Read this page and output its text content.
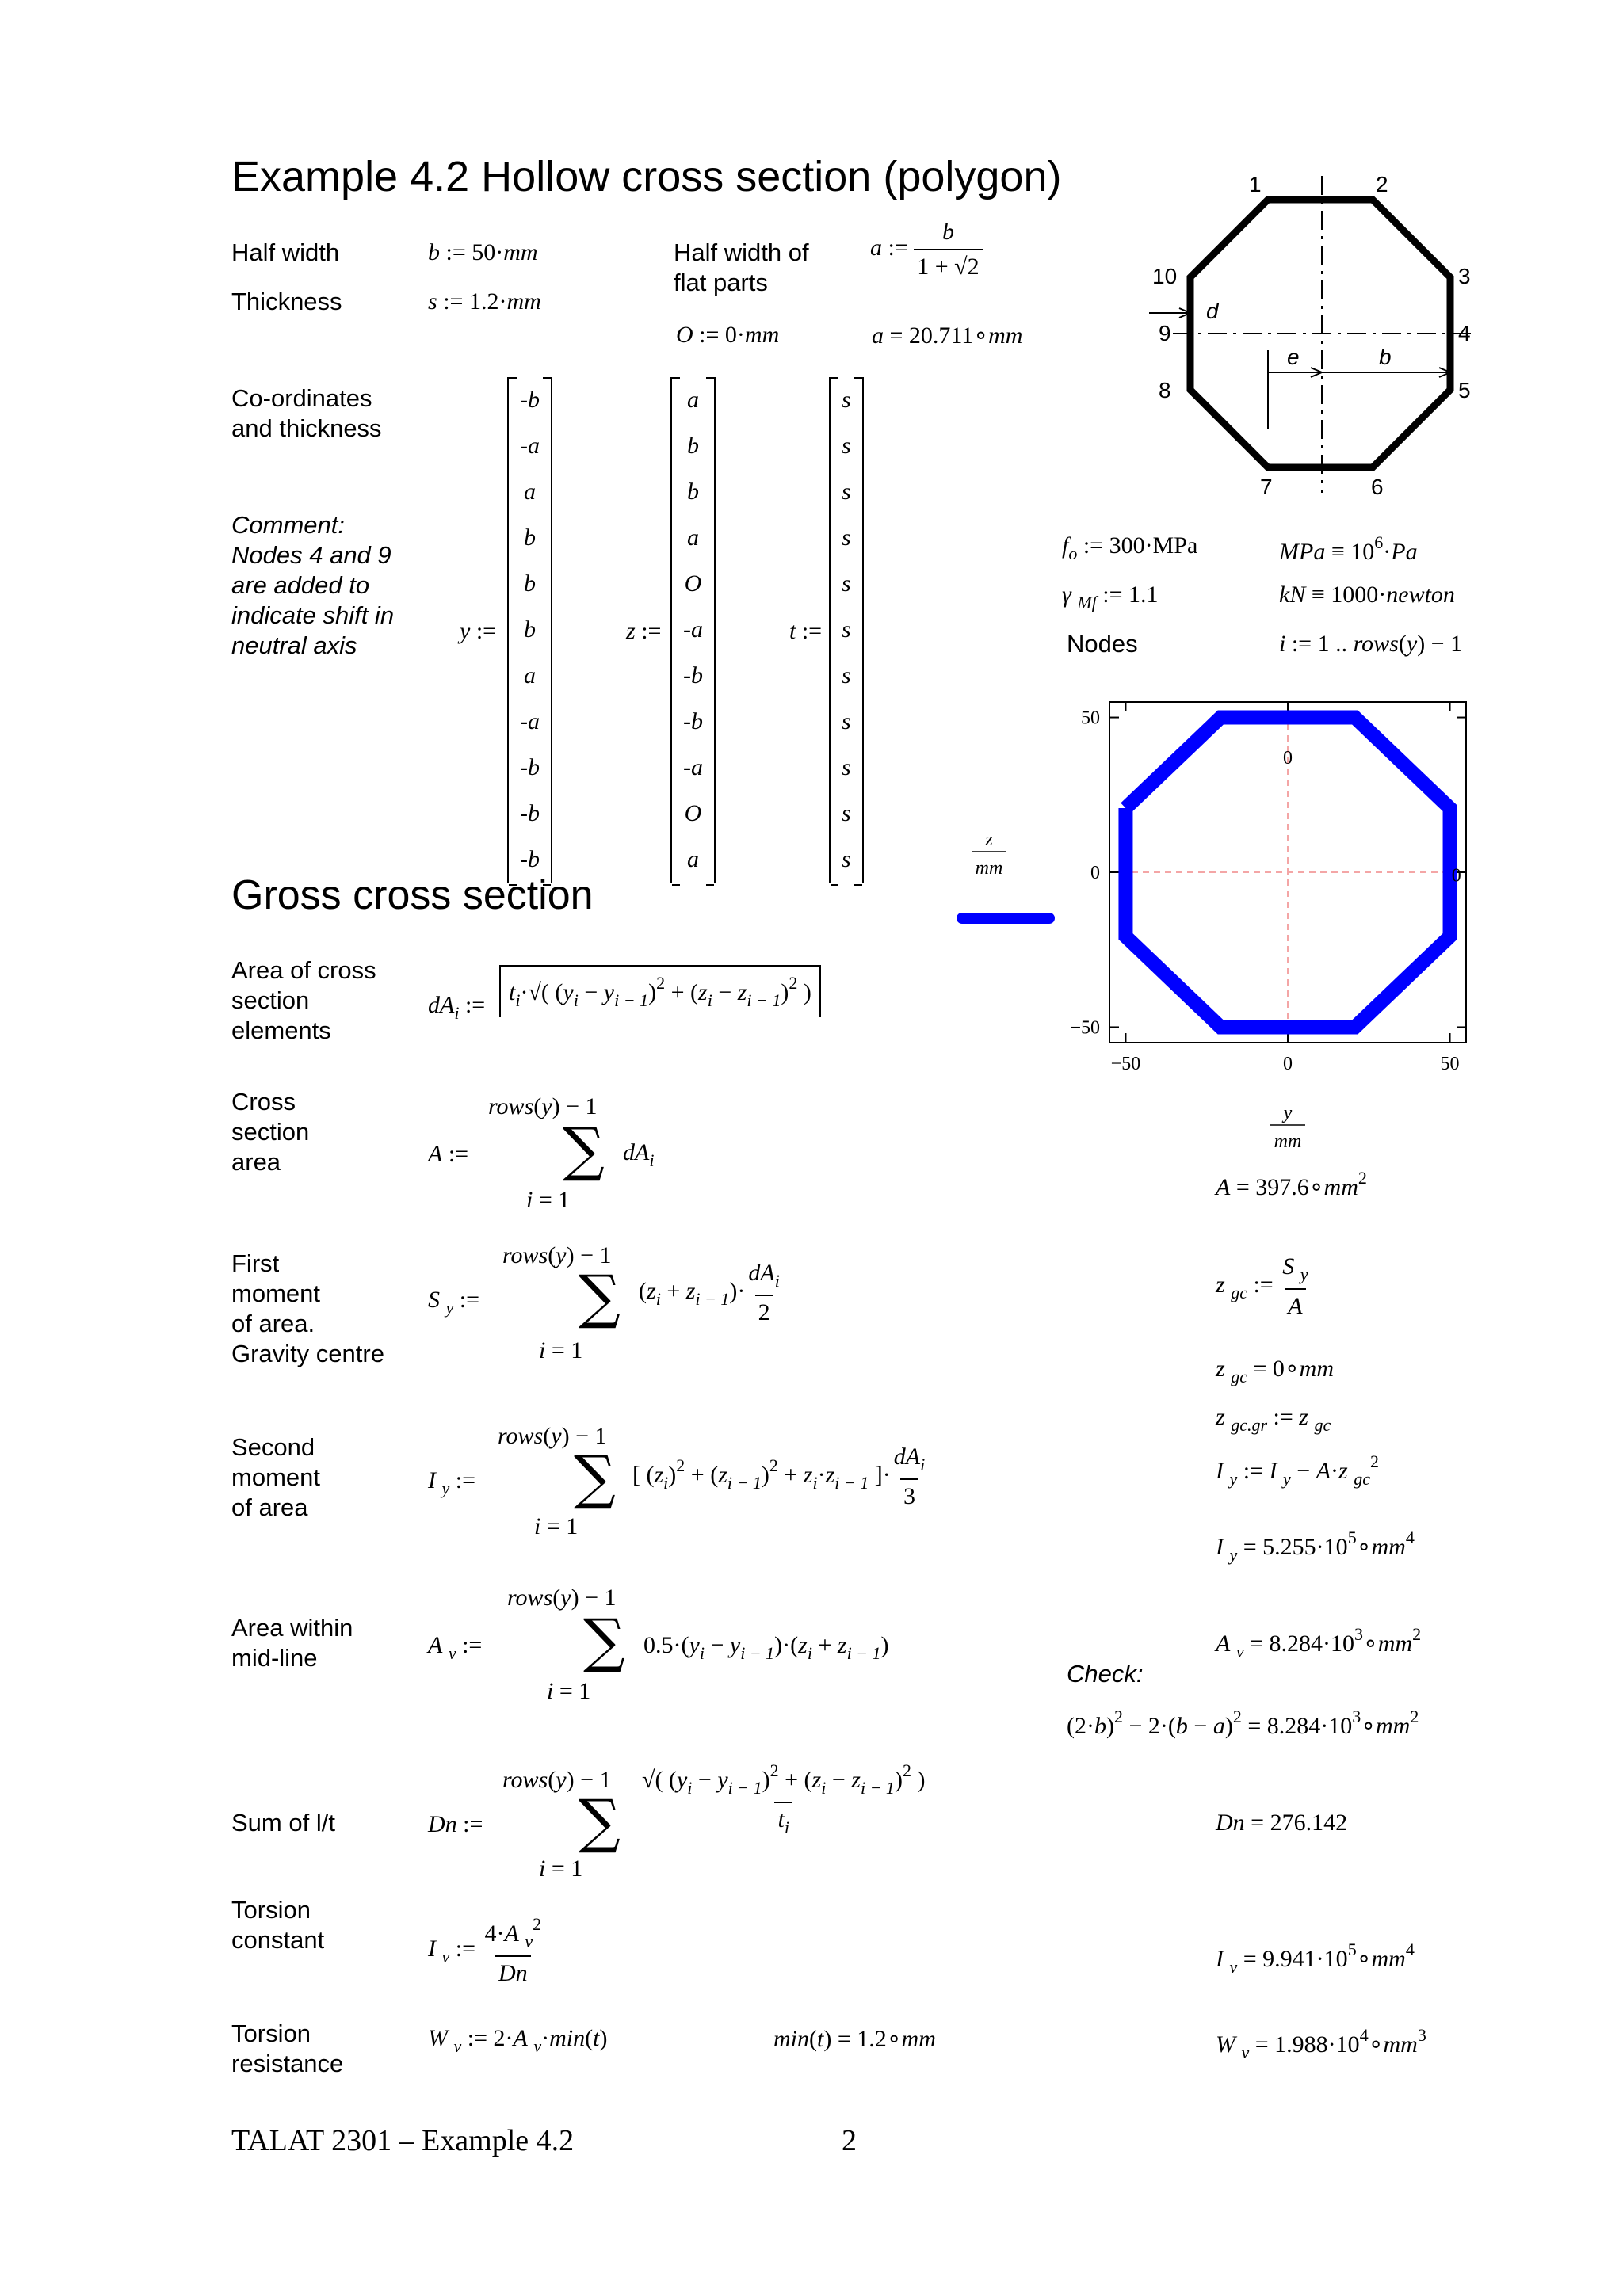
Example 4.2 Hollow cross section (polygon)
Half width	b := 50·mm
Thickness	s := 1.2·mm
Half width of
flat parts
a := $\frac{b}{1 + √2}$
O := 0·mm	a = 20.711∘mm
1	2
3
4
5
6
7
8
9
10
d
e	b
Co-ordinates
and thickness
Comment:
Nodes 4 and 9
are added to
indicate shift in
neutral axis
y :=
-b
-a
a
b
b
b
a
-a
-b
-b
-b
z :=
a
b
b
a
O
-a
-b
-b
-a
O
a
t :=
s
s
s
s
s
s
s
s
s
s
s
$f_o$ := 300·MPa	MPa ≡ $10^6\cdot Pa$
γ $_{Mf}$ := 1.1	kN ≡ 1000·newton
Nodes	i := 1 .. rows(y) − 1
−50	0	50
50
0
−50
0
0
y
mm
z
mm
Gross cross section
Area of cross
section
elements
$dA_i$ := $t_i\cdot√$( $(y_i - y_{i - 1})^2 + (z_i - z_{i - 1})^2$ )
Cross
section
area
rows(y) − 1
A := ∑ $dA_i$
i = 1	$A = 397.6\circ mm^2$
First
moment
of area.
Gravity centre
rows(y) − 1
S $_y$ := ∑ $(z_i + z_{i - 1})\cdot \frac{dA_i}{2}$
i = 1
z $_{gc}$ := $\frac{S _y}{A}$
z $_{gc}$ = 0∘mm
z $_{gc.gr}$ := z $_{gc}$
Second
moment
of area
rows(y) − 1
I $_y$ := ∑ [ $(z_i)^2 + (z_{i - 1})^2 + z_i\cdot z_{i - 1}$ ]· $\frac{dA_i}{3}$
i = 1
I $_y$ := I $_y$ − A·z $_{gc}^2$
I $_y = 5.255\cdot 10^5\circ mm^4$
Area within
mid-line
rows(y) − 1
A $_v$ := ∑ $0.5\cdot(y_i - y_{i - 1})\cdot(z_i + z_{i - 1})$
i = 1
A $_v = 8.284\cdot 10^3\circ mm^2$
Check:
$(2\cdot b)^2 - 2\cdot(b - a)^2$ = $8.284\cdot 10^3\circ mm^2$
Sum of l/t
rows(y) − 1
Dn := ∑ $\frac{√( (y_i - y_{i - 1})^2 + (z_i - z_{i - 1})^2 )}{t_i}$
i = 1
Dn = 276.142
Torsion
constant	I $_v$ := $\frac{4\cdot A _v^2}{Dn}$	I $_v = 9.941\cdot 10^5\circ mm^4$
Torsion
resistance
W $_v$ := 2·A $_v$·min(t)	min(t) = 1.2∘mm	W $_v = 1.988\cdot 10^4\circ mm^3$
TALAT 2301 – Example 4.2	2
